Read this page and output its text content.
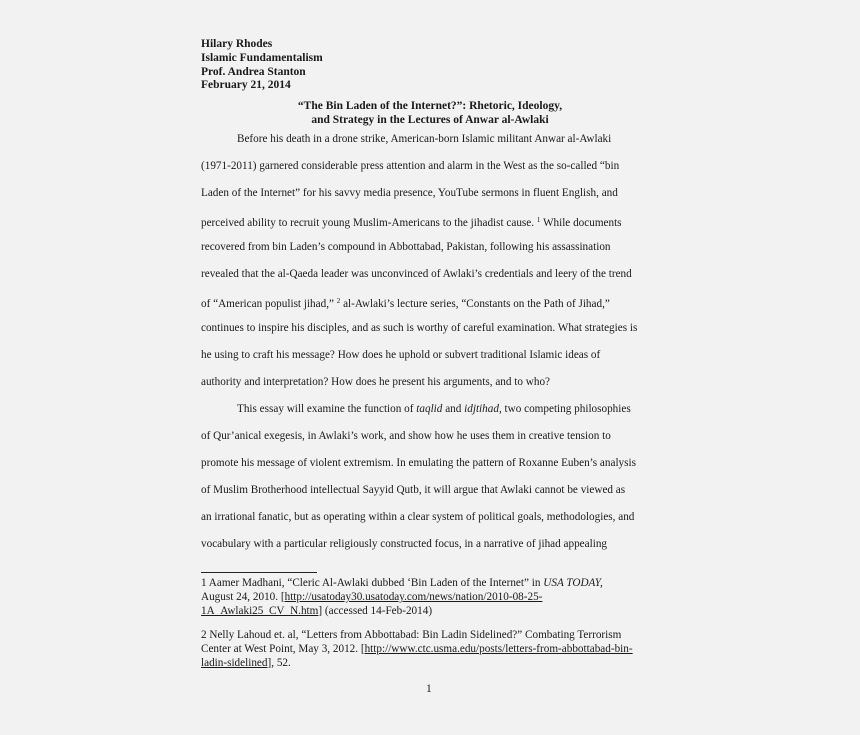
Hilary Rhodes
Islamic Fundamentalism
Prof. Andrea Stanton
February 21, 2014
“The Bin Laden of the Internet?”: Rhetoric, Ideology,
and Strategy in the Lectures of Anwar al-Awlaki
Before his death in a drone strike, American-born Islamic militant Anwar al-Awlaki
(1971-2011) garnered considerable press attention and alarm in the West as the so-called “bin
Laden of the Internet” for his savvy media presence, YouTube sermons in fluent English, and
perceived ability to recruit young Muslim-Americans to the jihadist cause. $^1$ While documents
recovered from bin Laden’s compound in Abbottabad, Pakistan, following his assassination
revealed that the al-Qaeda leader was unconvinced of Awlaki’s credentials and leery of the trend
of “American populist jihad,” $^2$ al-Awlaki’s lecture series, “Constants on the Path of Jihad,”
continues to inspire his disciples, and as such is worthy of careful examination. What strategies is
he using to craft his message? How does he uphold or subvert traditional Islamic ideas of
authority and interpretation? How does he present his arguments, and to who?
This essay will examine the function of taqlid and idjtihad, two competing philosophies
of Qur’anical exegesis, in Awlaki’s work, and show how he uses them in creative tension to
promote his message of violent extremism. In emulating the pattern of Roxanne Euben’s analysis
of Muslim Brotherhood intellectual Sayyid Qutb, it will argue that Awlaki cannot be viewed as
an irrational fanatic, but as operating within a clear system of political goals, methodologies, and
vocabulary with a particular religiously constructed focus, in a narrative of jihad appealing
1 Aamer Madhani, “Cleric Al-Awlaki dubbed ‘Bin Laden of the Internet” in USA TODAY,
August 24, 2010. [http://usatoday30.usatoday.com/news/nation/2010-08-25-
1A_Awlaki25_CV_N.htm] (accessed 14-Feb-2014)
2 Nelly Lahoud et. al, “Letters from Abbottabad: Bin Ladin Sidelined?” Combating Terrorism
Center at West Point, May 3, 2012. [http://www.ctc.usma.edu/posts/letters-from-abbottabad-bin-
ladin-sidelined], 52.
1
